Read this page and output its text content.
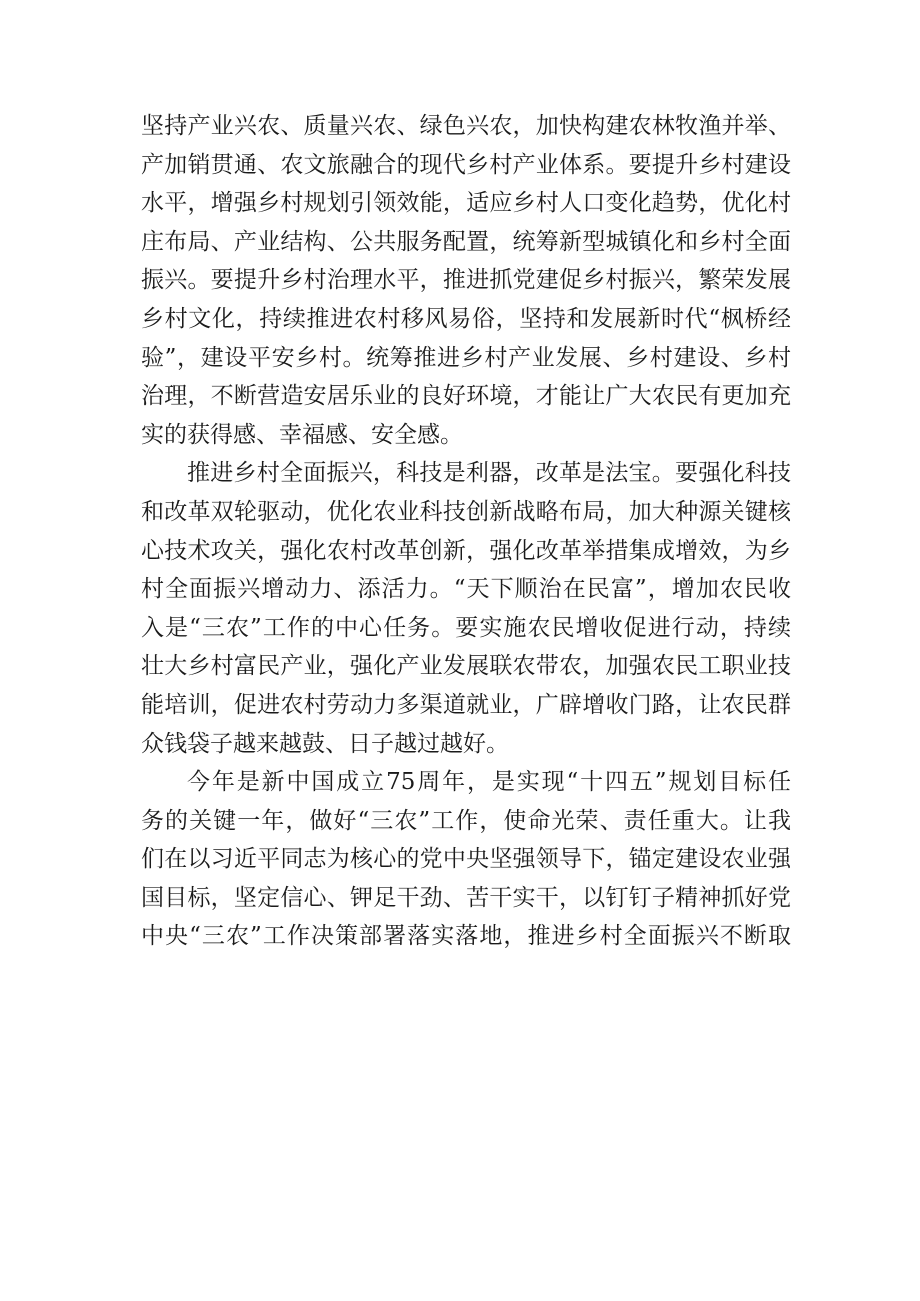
坚持产业兴农、质量兴农、绿色兴农，加快构建农林牧渔并举、
产加销贯通、农文旅融合的现代乡村产业体系。要提升乡村建设
水平，增强乡村规划引领效能，适应乡村人口变化趋势，优化村
庄布局、产业结构、公共服务配置，统筹新型城镇化和乡村全面
振兴。要提升乡村治理水平，推进抓党建促乡村振兴，繁荣发展
乡村文化，持续推进农村移风易俗，坚持和发展新时代“枫桥经
验”，建设平安乡村。统筹推进乡村产业发展、乡村建设、乡村
治理，不断营造安居乐业的良好环境，才能让广大农民有更加充
实的获得感、幸福感、安全感。
推进乡村全面振兴，科技是利器，改革是法宝。要强化科技
和改革双轮驱动，优化农业科技创新战略布局，加大种源关键核
心技术攻关，强化农村改革创新，强化改革举措集成增效，为乡
村全面振兴增动力、添活力。“天下顺治在民富”，增加农民收
入是“三农”工作的中心任务。要实施农民增收促进行动，持续
壮大乡村富民产业，强化产业发展联农带农，加强农民工职业技
能培训，促进农村劳动力多渠道就业，广辟增收门路，让农民群
众钱袋子越来越鼓、日子越过越好。
今年是新中国成立75周年，是实现“十四五”规划目标任
务的关键一年，做好“三农”工作，使命光荣、责任重大。让我
们在以习近平同志为核心的党中央坚强领导下，锚定建设农业强
国目标，坚定信心、钾足干劲、苦干实干，以钉钉子精神抓好党
中央“三农”工作决策部署落实落地，推进乡村全面振兴不断取
